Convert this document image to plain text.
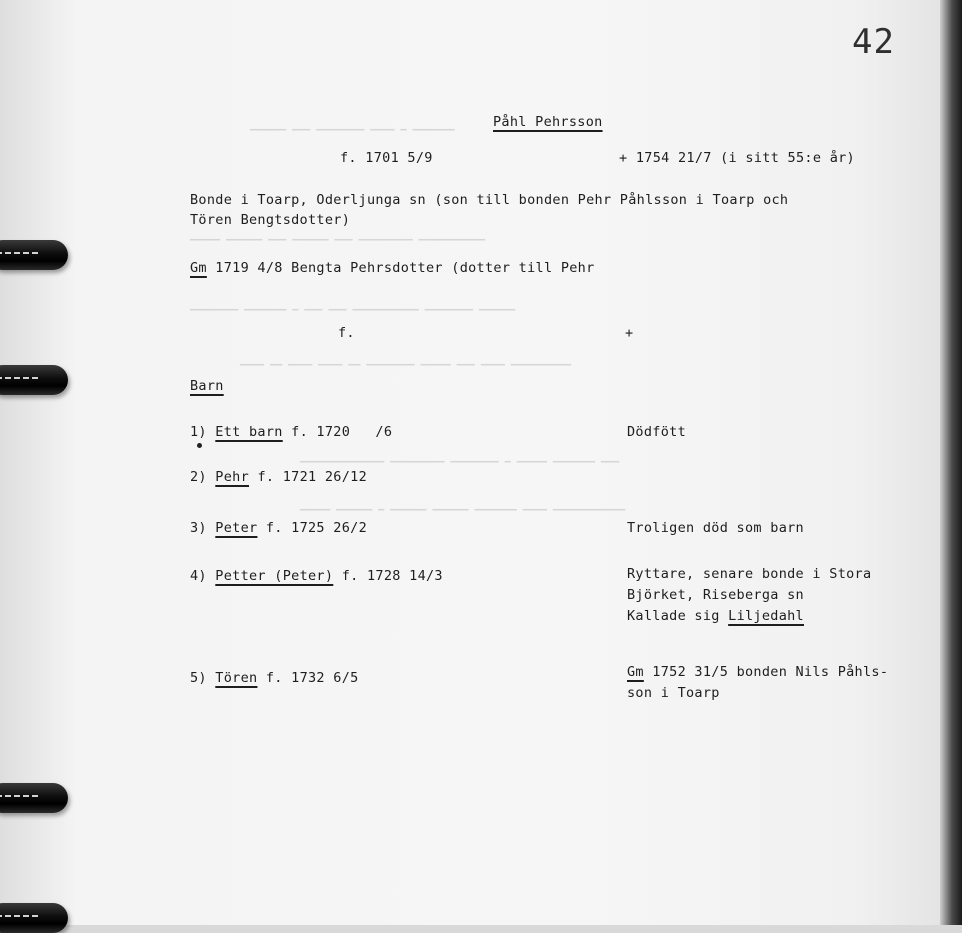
▁▁▁▁▁▁ ▁▁▁ ▁▁▁▁▁▁▁▁ ▁▁▁▁ ▁ ▁▁▁▁▁▁▁
▁▁▁▁▁ ▁▁▁▁▁▁ ▁▁▁ ▁▁▁▁▁▁ ▁▁▁ ▁▁▁▁▁▁▁▁▁ ▁▁▁▁▁▁▁▁▁▁▁
▁▁▁▁▁▁▁▁ ▁▁▁▁▁▁▁ ▁ ▁▁▁ ▁▁▁ ▁▁▁▁▁▁▁▁▁▁▁ ▁▁▁▁▁▁▁▁ ▁▁▁▁▁▁
▁▁▁▁ ▁▁ ▁▁▁▁ ▁▁▁▁ ▁▁ ▁▁▁▁▁▁▁▁ ▁▁▁▁▁ ▁▁▁ ▁▁▁▁ ▁▁▁▁▁▁▁▁▁▁
▁▁▁▁▁▁▁▁▁▁▁▁▁▁ ▁▁▁▁▁▁▁▁▁ ▁▁▁▁▁▁▁▁ ▁ ▁▁▁▁▁ ▁▁▁▁▁▁▁ ▁▁▁
▁▁▁▁▁ ▁▁▁▁▁▁ ▁ ▁▁▁▁▁▁ ▁▁▁▁▁▁ ▁▁▁▁▁▁▁ ▁▁▁▁ ▁▁▁▁▁▁▁▁▁▁▁▁
42
Påhl Pehrsson
f. 1701 5/9	+ 1754 21/7 (i sitt 55:e år)
Bonde i Toarp, Oderljunga sn (son till bonden Pehr Påhlsson i Toarp och
Tören Bengtsdotter)
Gm 1719 4/8 Bengta Pehrsdotter (dotter till Pehr
f.	+
Barn
1) Ett barn f. 1720   /6	Dödfött
2) Pehr f. 1721 26/12
3) Peter f. 1725 26/2	Troligen död som barn
4) Petter (Peter) f. 1728 14/3	Ryttare, senare bonde i Stora
Björket, Riseberga sn
Kallade sig Liljedahl
5) Tören f. 1732 6/5	Gm 1752 31/5 bonden Nils Påhls-
son i Toarp
